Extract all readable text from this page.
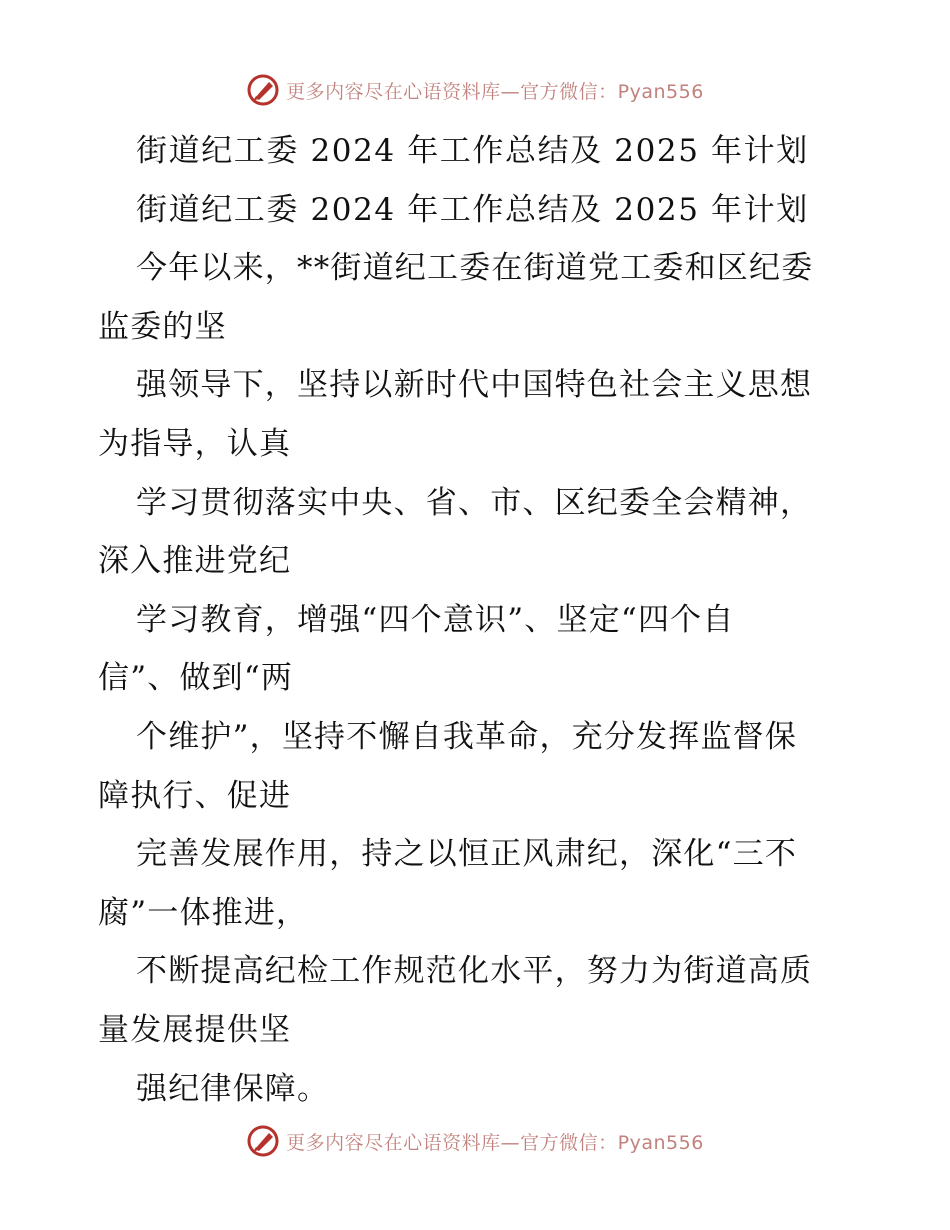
更多内容尽在心语资料库—官方微信：Pyan556
街道纪工委 2024 年工作总结及 2025 年计划
街道纪工委 2024 年工作总结及 2025 年计划
今年以来，**街道纪工委在街道党工委和区纪委
监委的坚
强领导下，坚持以新时代中国特色社会主义思想
为指导，认真
学习贯彻落实中央、省、市、区纪委全会精神，
深入推进党纪
学习教育，增强“四个意识”、坚定“四个自
信”、做到“两
个维护”，坚持不懈自我革命，充分发挥监督保
障执行、促进
完善发展作用，持之以恒正风肃纪，深化“三不
腐”一体推进，
不断提高纪检工作规范化水平，努力为街道高质
量发展提供坚
强纪律保障。
更多内容尽在心语资料库—官方微信：Pyan556
